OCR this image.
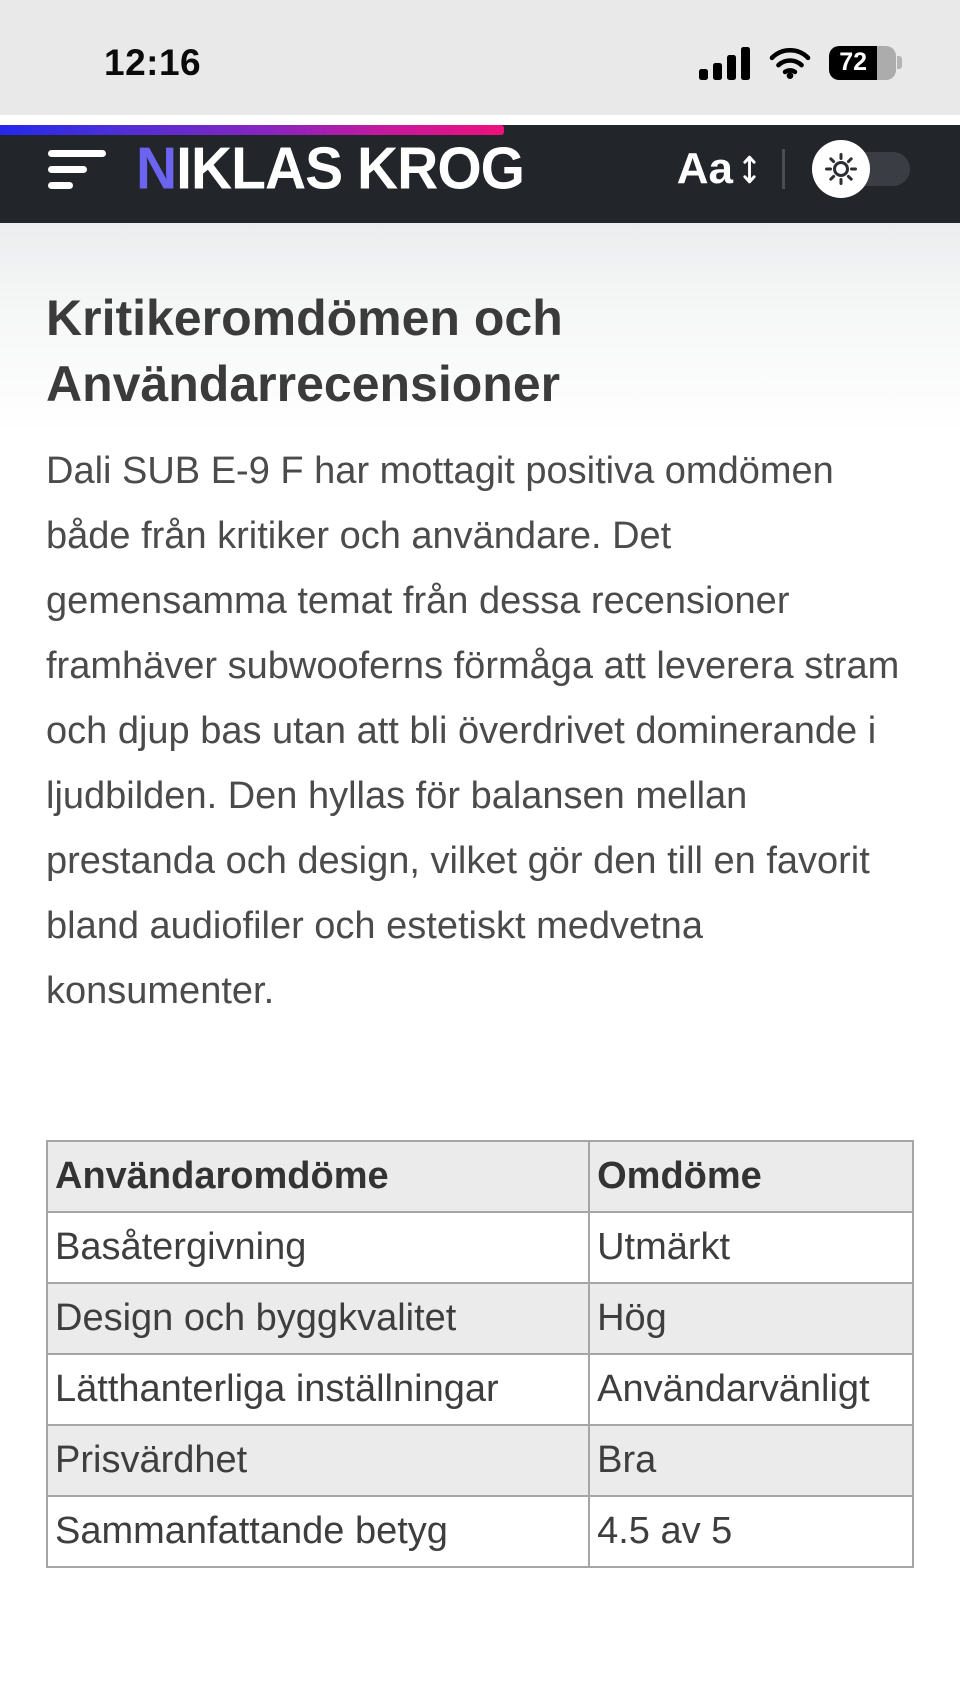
12:16	72
NIKLAS KROG	Aa
Kritikeromdömen och Användarrecensioner

Dali SUB E-9 F har mottagit positiva omdömen både från kritiker och användare. Det gemensamma temat från dessa recensioner framhäver subwooferns förmåga att leverera stram och djup bas utan att bli överdrivet dominerande i ljudbilden. Den hyllas för balansen mellan prestanda och design, vilket gör den till en favorit bland audiofiler och estetiskt medvetna konsumenter.

Användaromdöme	Omdöme
Basåtergivning	Utmärkt
Design och byggkvalitet	Hög
Lätthanterliga inställningar	Användarvänligt
Prisvärdhet	Bra
Sammanfattande betyg	4.5 av 5
